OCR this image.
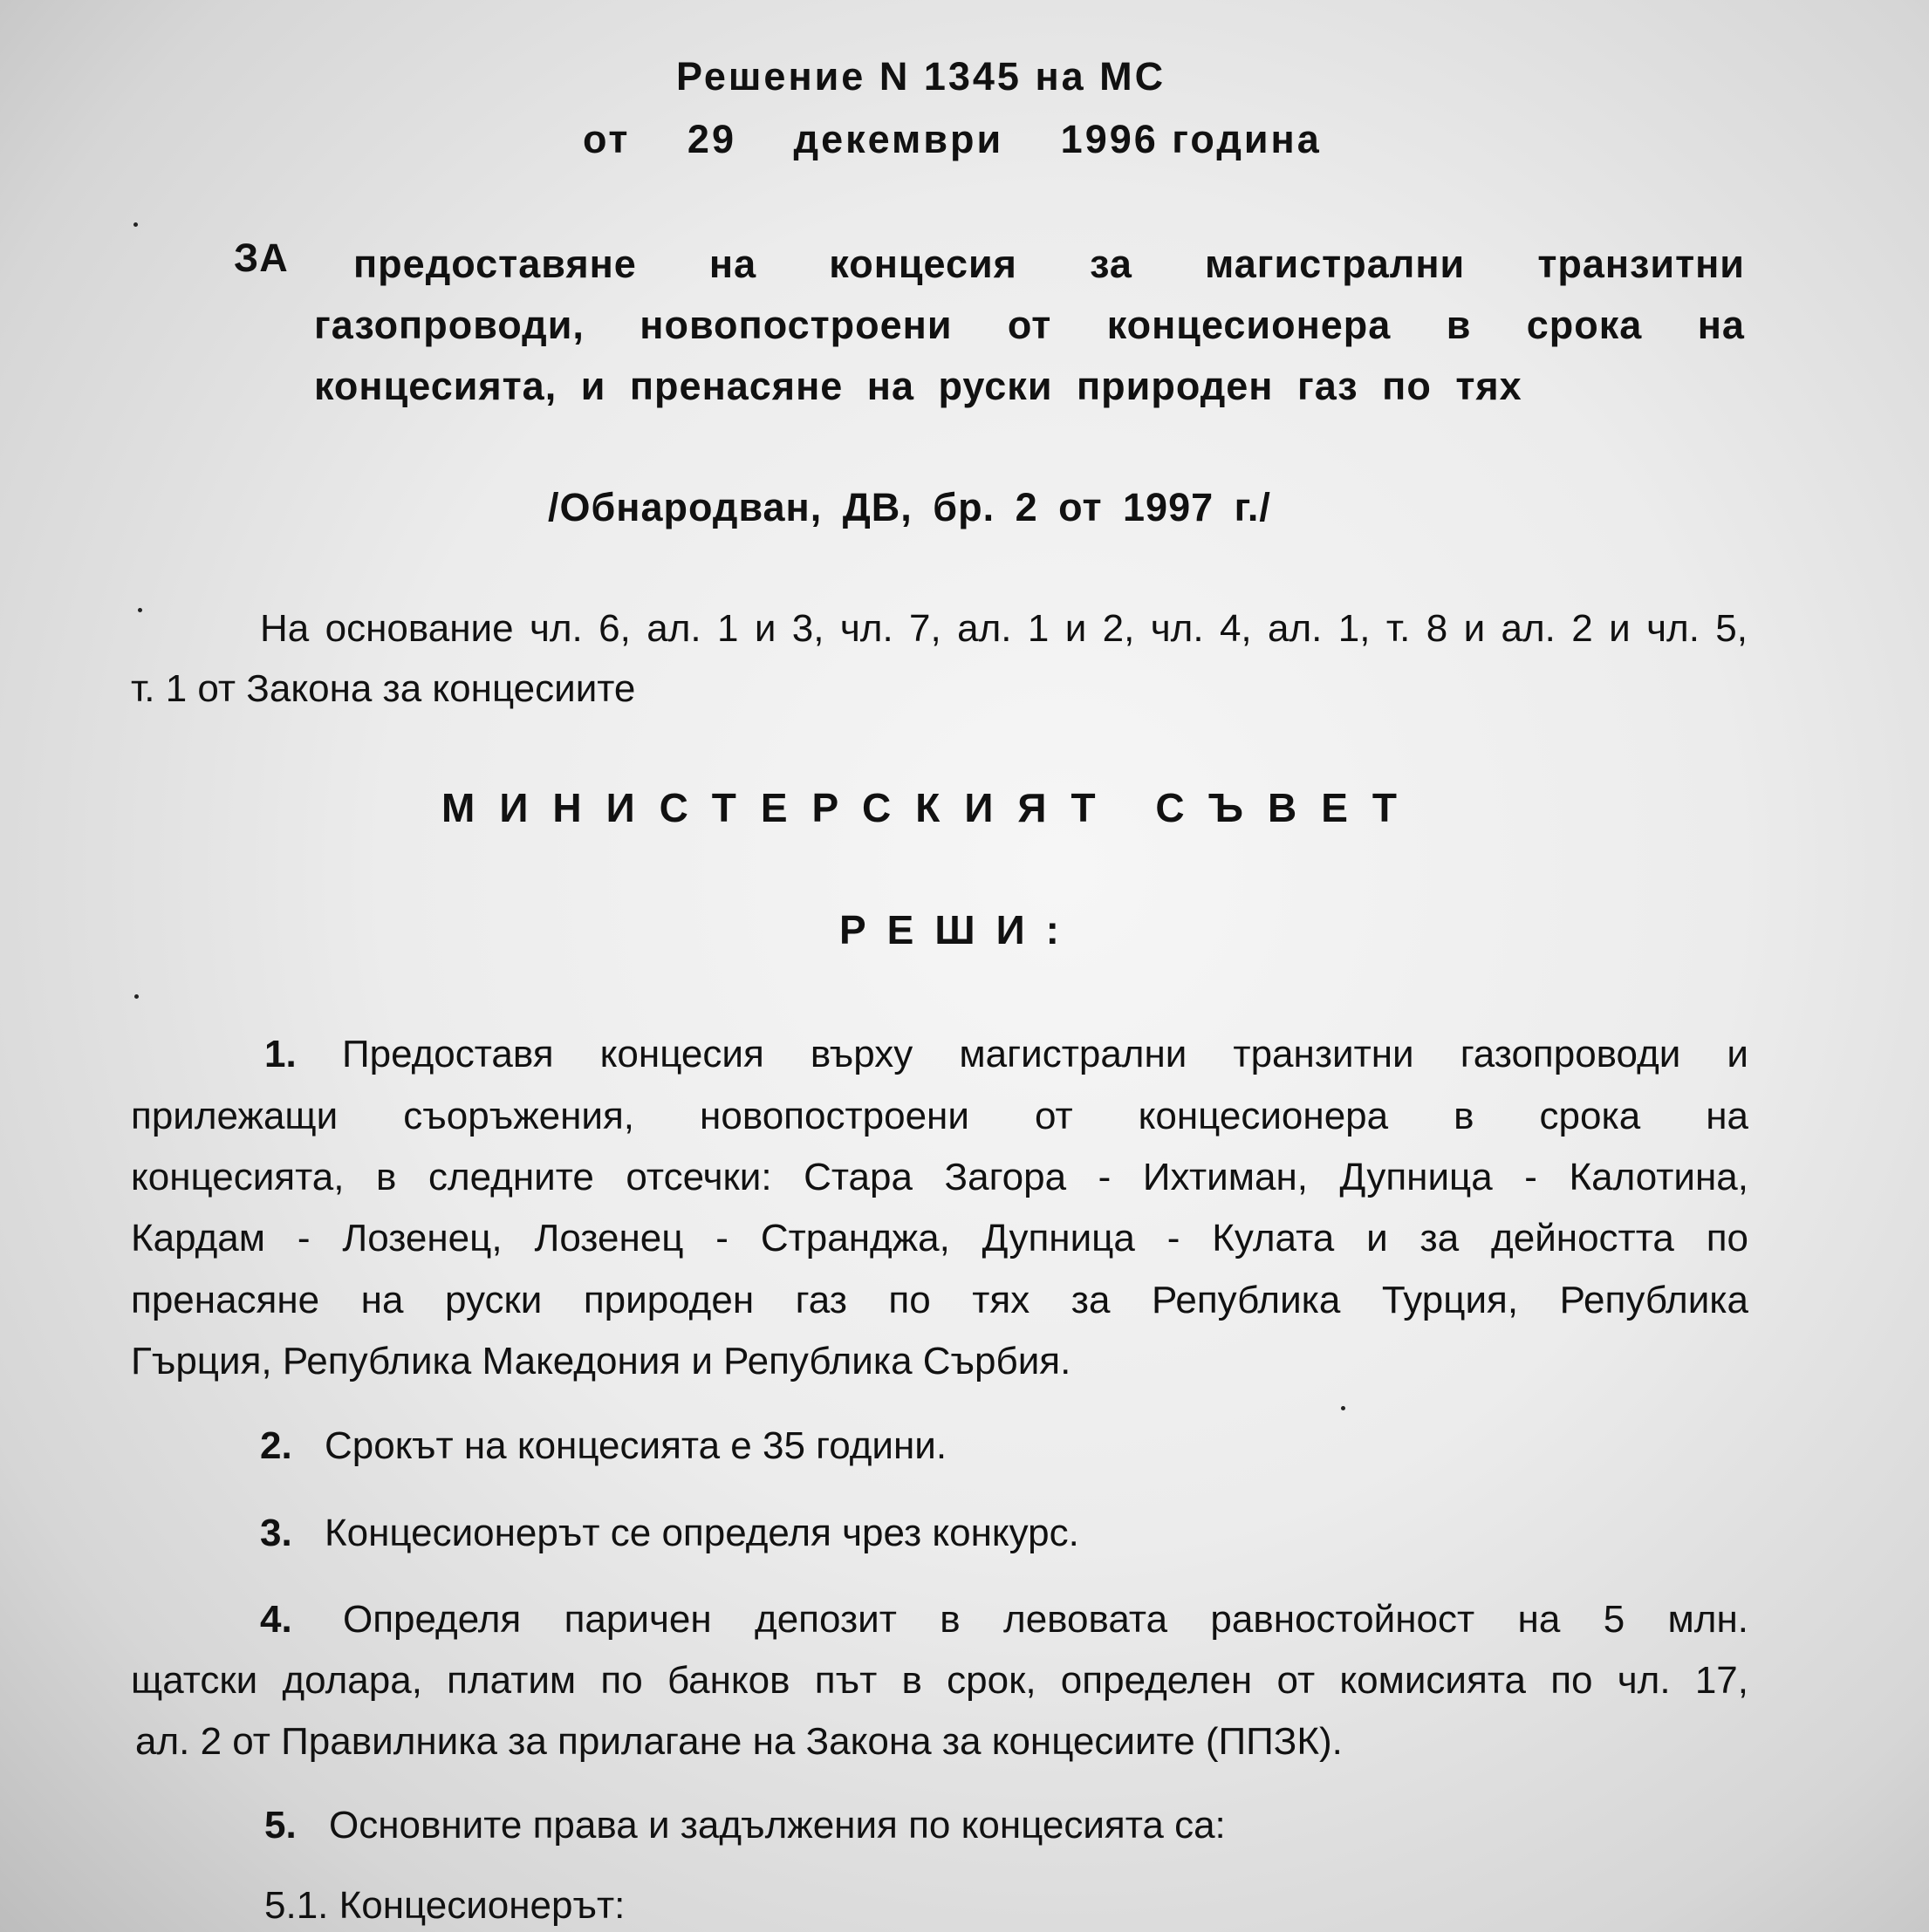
Решение N 1345 на МС

от 29 декември 1996 година

ЗА предоставяне на концесия за магистрални транзитни
газопроводи, новопостроени от концесионера в срока на

концесията, и пренасяне на руски природен газ по тях

/Обнародван, ДВ, бр. 2 от 1997 г./

На основание чл. 6, ал. 1 и 3, чл. 7, ал. 1 и 2, чл. 4, ал. 1, т. 8 и ал. 2 и чл. 5,

т. 1 от Закона за концесиите

МИНИСТЕРСКИЯТ СЪВЕТ

РЕШИ:

1. Предоставя концесия върху магистрални транзитни газопроводи и

прилежащи съоръжения, новопостроени от концесионера в срока на

концесията, в следните отсечки: Стара Загора - Ихтиман, Дупница - Калотина,

Кардам - Лозенец, Лозенец - Странджа, Дупница - Кулата и за дейността по

пренасяне на руски природен газ по тях за Република Турция, Република

Гърция, Република Македония и Република Сърбия.

2. Срокът на концесията е 35 години.

3. Концесионерът се определя чрез конкурс.

4. Определя паричен депозит в левовата равностойност на 5 млн.

щатски долара, платим по банков път в срок, определен от комисията по чл. 17,

ал. 2 от Правилника за прилагане на Закона за концесиите (ППЗК).

5. Основните права и задължения по концесията са:

5.1. Концесионерът:
